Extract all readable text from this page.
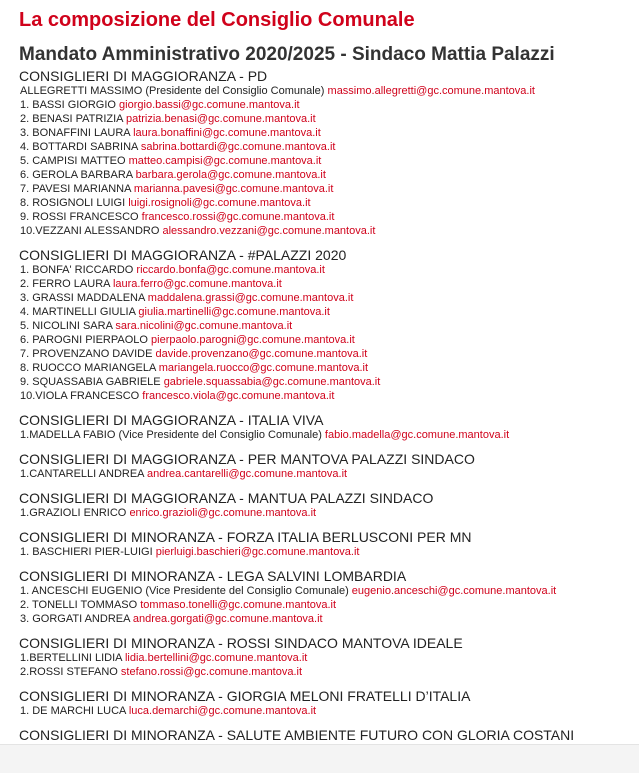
La composizione del Consiglio Comunale
Mandato Amministrativo 2020/2025 - Sindaco Mattia Palazzi
CONSIGLIERI DI MAGGIORANZA - PD
ALLEGRETTI MASSIMO (Presidente del Consiglio Comunale) massimo.allegretti@gc.comune.mantova.it
1. BASSI GIORGIO giorgio.bassi@gc.comune.mantova.it
2. BENASI PATRIZIA patrizia.benasi@gc.comune.mantova.it
3. BONAFFINI LAURA laura.bonaffini@gc.comune.mantova.it
4. BOTTARDI SABRINA sabrina.bottardi@gc.comune.mantova.it
5. CAMPISI MATTEO matteo.campisi@gc.comune.mantova.it
6. GEROLA BARBARA barbara.gerola@gc.comune.mantova.it
7. PAVESI MARIANNA marianna.pavesi@gc.comune.mantova.it
8. ROSIGNOLI LUIGI luigi.rosignoli@gc.comune.mantova.it
9. ROSSI FRANCESCO francesco.rossi@gc.comune.mantova.it
10.VEZZANI ALESSANDRO alessandro.vezzani@gc.comune.mantova.it
CONSIGLIERI DI MAGGIORANZA - #PALAZZI 2020
1. BONFA' RICCARDO riccardo.bonfa@gc.comune.mantova.it
2. FERRO LAURA laura.ferro@gc.comune.mantova.it
3. GRASSI MADDALENA maddalena.grassi@gc.comune.mantova.it
4. MARTINELLI GIULIA giulia.martinelli@gc.comune.mantova.it
5. NICOLINI SARA sara.nicolini@gc.comune.mantova.it
6. PAROGNI PIERPAOLO pierpaolo.parogni@gc.comune.mantova.it
7. PROVENZANO DAVIDE davide.provenzano@gc.comune.mantova.it
8. RUOCCO MARIANGELA mariangela.ruocco@gc.comune.mantova.it
9. SQUASSABIA GABRIELE gabriele.squassabia@gc.comune.mantova.it
10.VIOLA FRANCESCO francesco.viola@gc.comune.mantova.it
CONSIGLIERI DI MAGGIORANZA - ITALIA VIVA
1.MADELLA FABIO (Vice Presidente del Consiglio Comunale) fabio.madella@gc.comune.mantova.it
CONSIGLIERI DI MAGGIORANZA - PER MANTOVA PALAZZI SINDACO
1.CANTARELLI ANDREA andrea.cantarelli@gc.comune.mantova.it
CONSIGLIERI DI MAGGIORANZA - MANTUA PALAZZI SINDACO
1.GRAZIOLI ENRICO enrico.grazioli@gc.comune.mantova.it
CONSIGLIERI DI MINORANZA - FORZA ITALIA BERLUSCONI PER MN
1. BASCHIERI PIER-LUIGI pierluigi.baschieri@gc.comune.mantova.it
CONSIGLIERI DI MINORANZA - LEGA SALVINI LOMBARDIA
1. ANCESCHI EUGENIO (Vice Presidente del Consiglio Comunale) eugenio.anceschi@gc.comune.mantova.it
2. TONELLI TOMMASO tommaso.tonelli@gc.comune.mantova.it
3. GORGATI ANDREA andrea.gorgati@gc.comune.mantova.it
CONSIGLIERI DI MINORANZA - ROSSI SINDACO MANTOVA IDEALE
1.BERTELLINI LIDIA lidia.bertellini@gc.comune.mantova.it
2.ROSSI STEFANO stefano.rossi@gc.comune.mantova.it
CONSIGLIERI DI MINORANZA - GIORGIA MELONI FRATELLI D’ITALIA
1. DE MARCHI LUCA luca.demarchi@gc.comune.mantova.it
CONSIGLIERI DI MINORANZA - SALUTE AMBIENTE FUTURO CON GLORIA COSTANI
